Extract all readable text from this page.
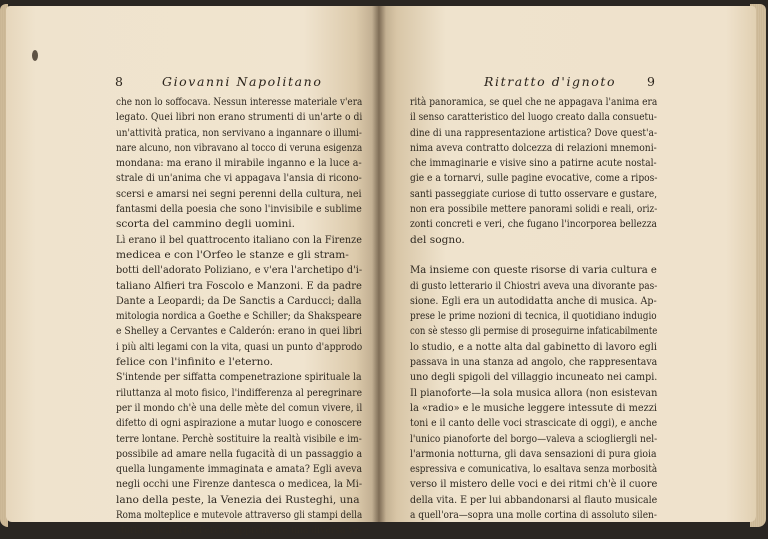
8	Giovanni Napolitano	Ritratto d'ignoto 9
che non lo soffocava. Nessun interesse materiale v'era
legato. Quei libri non erano strumenti di un'arte o di
un'attività pratica, non servivano a ingannare o illumi-
nare alcuno, non vibravano al tocco di veruna esigenza
mondana: ma erano il mirabile inganno e la luce a-
strale di un'anima che vi appagava l'ansia di ricono-
scersi e amarsi nei segni perenni della cultura, nei
fantasmi della poesia che sono l'invisibile e sublime
scorta del cammino degli uomini.
Lì erano il bel quattrocento italiano con la Firenze
medicea e con l'Orfeo le stanze e gli stram-
botti dell'adorato Poliziano, e v'era l'archetipo d'i-
taliano Alfieri tra Foscolo e Manzoni. E da padre
Dante a Leopardi; da De Sanctis a Carducci; dalla
mitologia nordica a Goethe e Schiller; da Shakspeare
e Shelley a Cervantes e Calderón: erano in quei libri
i più alti legami con la vita, quasi un punto d'approdo
felice con l'infinito e l'eterno.
S'intende per siffatta compenetrazione spirituale la
riluttanza al moto fisico, l'indifferenza al peregrinare
per il mondo ch'è una delle mète del comun vivere, il
difetto di ogni aspirazione a mutar luogo e conoscere
terre lontane. Perchè sostituire la realtà visibile e im-
possibile ad amare nella fugacità di un passaggio a
quella lungamente immaginata e amata? Egli aveva
negli occhi une Firenze dantesca o medicea, la Mi-
lano della peste, la Venezia dei Rusteghi, una
Roma molteplice e mutevole attraverso gli stampi della
storia e dell'arte. Perchè apprendere una diversa ve-
rità panoramica, se quel che ne appagava l'anima era
il senso caratteristico del luogo creato dalla consuetu-
dine di una rappresentazione artistica? Dove quest'a-
nima aveva contratto dolcezza di relazioni mnemoni-
che immaginarie e visive sino a patirne acute nostal-
gie e a tornarvi, sulle pagine evocative, come a ripos-
santi passeggiate curiose di tutto osservare e gustare,
non era possibile mettere panorami solidi e reali, oriz-
zonti concreti e veri, che fugano l'incorporea bellezza
del sogno.

Ma insieme con queste risorse di varia cultura e
di gusto letterario il Chiostri aveva una divorante pas-
sione. Egli era un autodidatta anche di musica. Ap-
prese le prime nozioni di tecnica, il quotidiano indugio
con sè stesso gli permise di proseguirne infaticabilmente
lo studio, e a notte alta dal gabinetto di lavoro egli
passava in una stanza ad angolo, che rappresentava
uno degli spigoli del villaggio incuneato nei campi.
Il pianoforte—la sola musica allora (non esistevan
la «radio» e le musiche leggere intessute di mezzi
toni e il canto delle voci strascicate di oggi), e anche
l'unico pianoforte del borgo—valeva a sciogliergli nel-
l'armonia notturna, gli dava sensazioni di pura gioia
espressiva e comunicativa, lo esaltava senza morbosità
verso il mistero delle voci e dei ritmi ch'è il cuore
della vita. E per lui abbandonarsi al flauto musicale
a quell'ora—sopra una molle cortina di assoluto silen-
